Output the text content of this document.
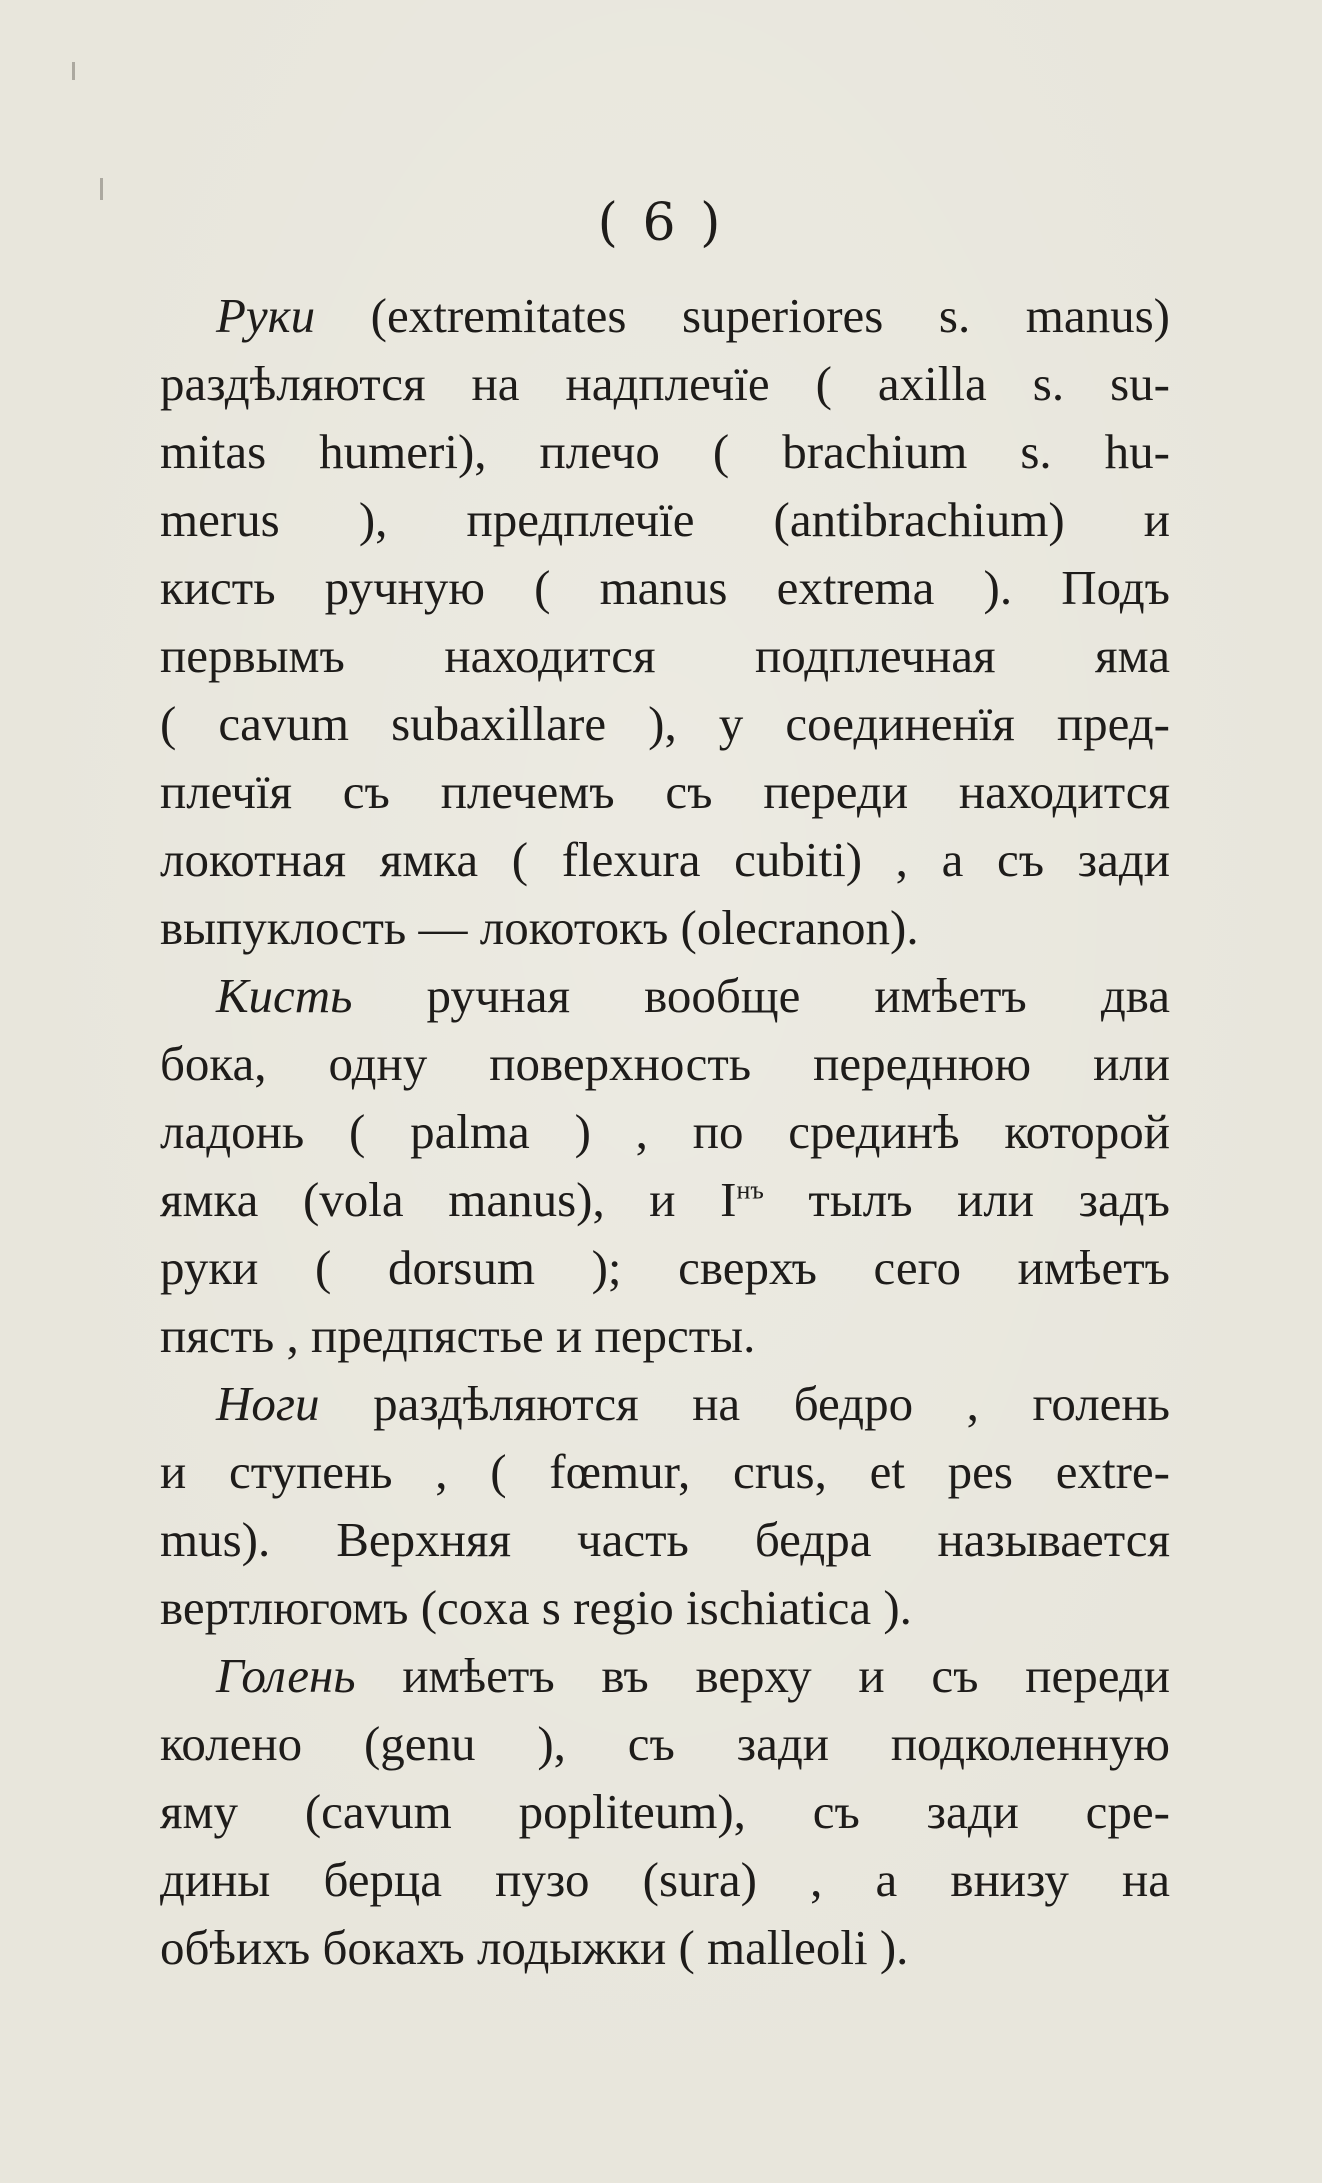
( 6 )
Руки (extremitates superiores s. manus)
раздѣляются на надплечїе ( axilla s. su-
mitas humeri), плечо ( brachium s. hu-
merus ), предплечїе (antibrachium) и
кисть ручную ( manus extrema ). Подъ
первымъ находится подплечная яма
( cavum subaxillare ), у соединенїя пред-
плечїя съ плечемъ съ переди находится
локотная ямка ( flexura cubiti) , а съ зади
выпуклость — локотокъ (olecranon).
Кисть ручная вообще имѣетъ два
бока, одну поверхность переднюю или
ладонь ( palma ) , по срединѣ которой
ямка (vola manus), и $I^{нъ}$ тылъ или задъ
руки ( dorsum ); сверхъ сего имѣетъ
пясть , предпястье и персты.
Ноги раздѣляются на бедро , голень
и ступень , ( fœmur, crus, et pes extre-
mus). Верхняя часть бедра называется
вертлюгомъ (coxa s regio ischiatica ).
Голень имѣетъ въ верху и съ переди
колено (genu ), съ зади подколенную
яму (cavum popliteum), съ зади сре-
дины берца пузо (sura) , а внизу на
обѣихъ бокахъ лодыжки ( malleoli ).
